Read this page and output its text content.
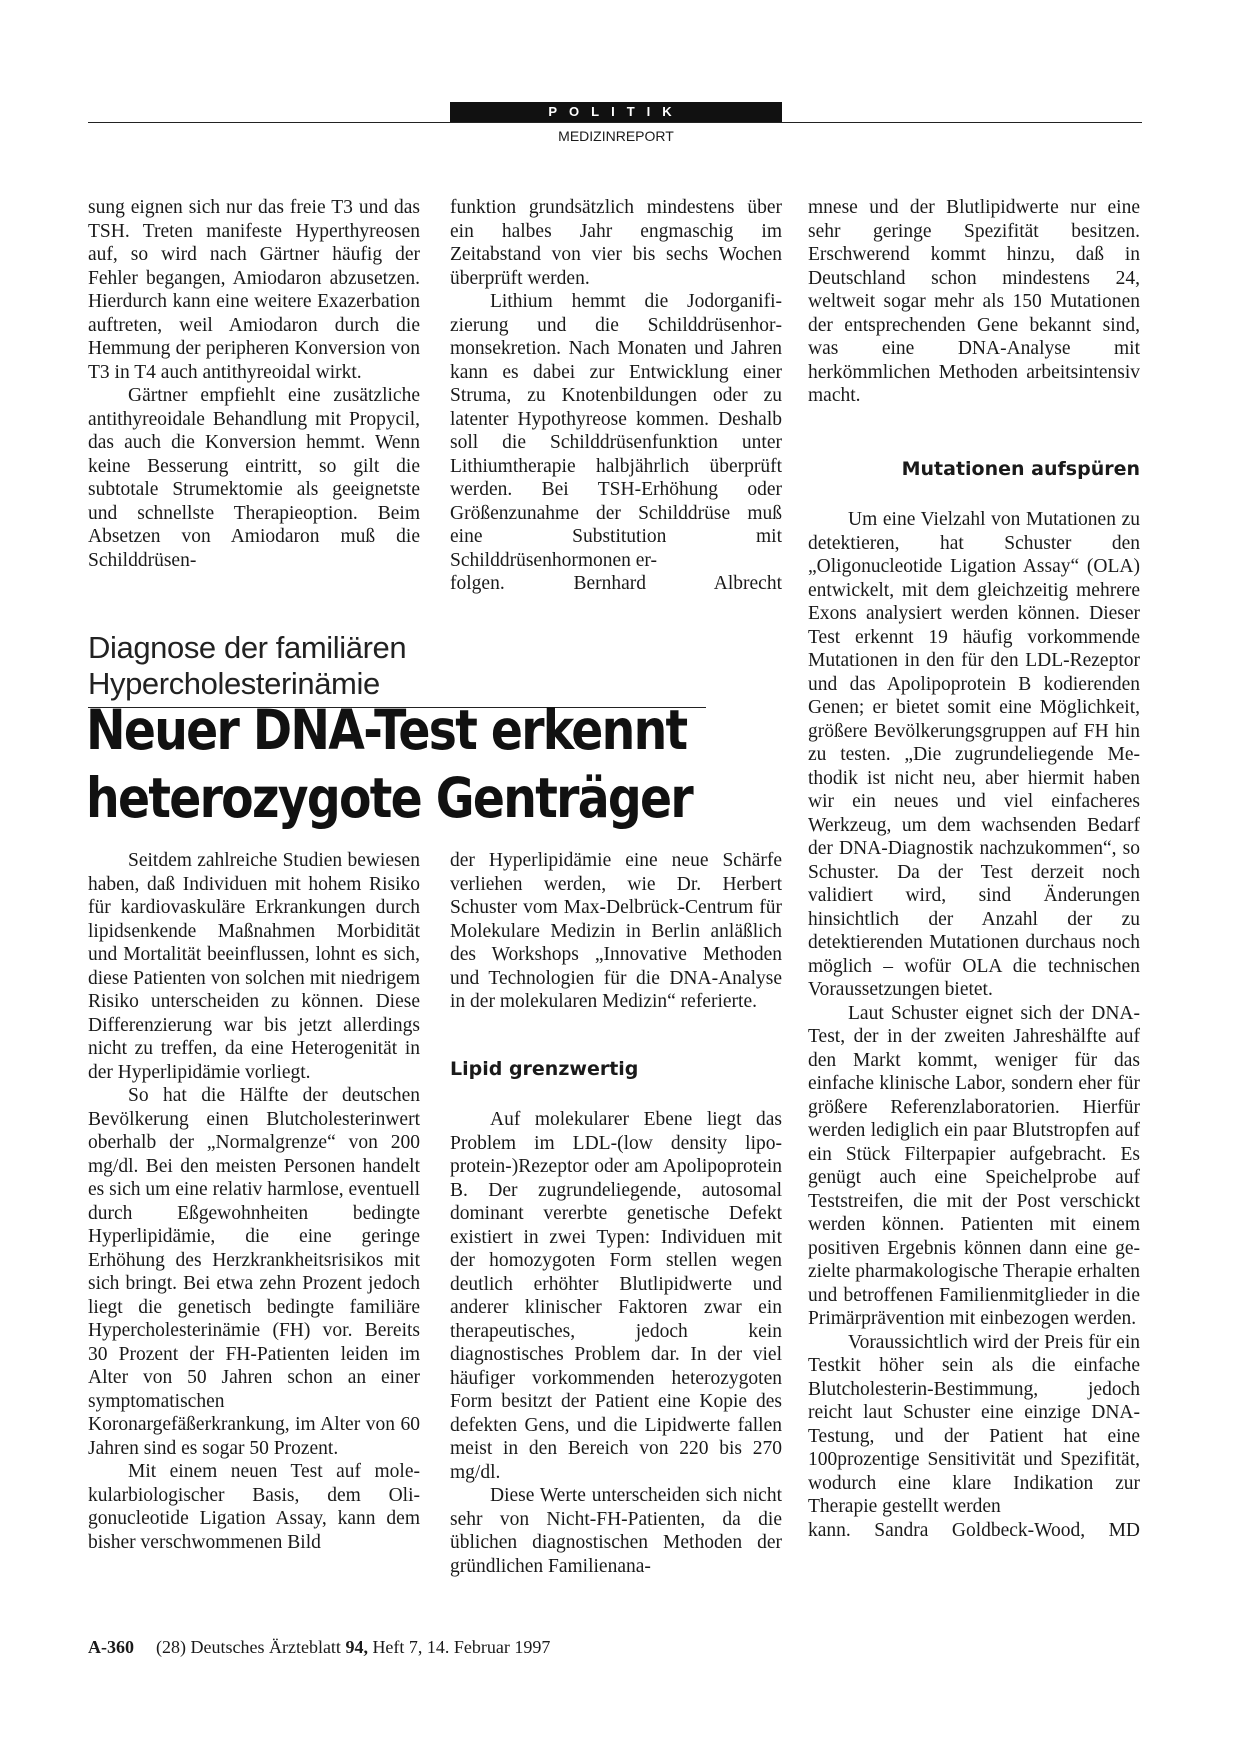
POLITIK
MEDIZINREPORT

sung eignen sich nur das freie T3 und das TSH. Treten manifeste Hyperthyreosen auf, so wird nach Gärtner häufig der Fehler begangen, Amiodaron abzusetzen. Hierdurch kann eine weitere Exazerbation auftreten, weil Amiodaron durch die Hemmung der peripheren Konversion von T3 in T4 auch antithyreoidal wirkt.

Gärtner empfiehlt eine zusätzliche antithyreoidale Behandlung mit Propycil, das auch die Konversion hemmt. Wenn keine Besserung eintritt, so gilt die subtotale Strumektomie als geeignetste und schnellste Therapieoption. Beim Absetzen von Amiodaron muß die Schilddrüsen-

funktion grundsätzlich mindestens über ein halbes Jahr engmaschig im Zeitabstand von vier bis sechs Wochen überprüft werden.

Lithium hemmt die Jodorganifizierung und die Schilddrüsenhormonsekretion. Nach Monaten und Jahren kann es dabei zur Entwicklung einer Struma, zu Knotenbildungen oder zu latenter Hypothyreose kommen. Deshalb soll die Schilddrüsenfunktion unter Lithiumtherapie halbjährlich überprüft werden. Bei TSH-Erhöhung oder Größenzunahme der Schilddrüse muß eine Substitution mit Schilddrüsenhormonen er-

folgen.	Bernhard Albrecht

Diagnose der familiären Hypercholesterinämie
Neuer DNA-Test erkennt
heterozygote Genträger

Seitdem zahlreiche Studien bewiesen haben, daß Individuen mit hohem Risiko für kardiovaskuläre Erkrankungen durch lipidsenkende Maßnahmen Morbidität und Mortalität beeinflussen, lohnt es sich, diese Patienten von solchen mit niedrigem Risiko unterscheiden zu können. Diese Differenzierung war bis jetzt allerdings nicht zu treffen, da eine Heterogenität in der Hyperlipidämie vorliegt.

So hat die Hälfte der deutschen Bevölkerung einen Blutcholesterinwert oberhalb der „Normalgrenze“ von 200 mg/dl. Bei den meisten Personen handelt es sich um eine relativ harmlose, eventuell durch Eßgewohnheiten bedingte Hyperlipidämie, die eine geringe Erhöhung des Herzkrankheitsrisikos mit sich bringt. Bei etwa zehn Prozent jedoch liegt die genetisch bedingte familiäre Hypercholesterinämie (FH) vor. Bereits 30 Prozent der FH-Patienten leiden im Alter von 50 Jahren schon an einer symptomatischen Koronargefäßerkrankung, im Alter von 60 Jahren sind es sogar 50 Prozent.

Mit einem neuen Test auf molekularbiologischer Basis, dem Oligonucleotide Ligation Assay, kann dem bisher verschwommenen Bild

der Hyperlipidämie eine neue Schärfe verliehen werden, wie Dr. Herbert Schuster vom Max-Delbrück-Centrum für Molekulare Medizin in Berlin anläßlich des Workshops „Innovative Methoden und Technologien für die DNA-Analyse in der molekularen Medizin“ referierte.

Lipid grenzwertig

Auf molekularer Ebene liegt das Problem im LDL-(low density lipoprotein-)Rezeptor oder am Apolipoprotein B. Der zugrundeliegende, autosomal dominant vererbte genetische Defekt existiert in zwei Typen: Individuen mit der homozygoten Form stellen wegen deutlich erhöhter Blutlipidwerte und anderer klinischer Faktoren zwar ein therapeutisches, jedoch kein diagnostisches Problem dar. In der viel häufiger vorkommenden heterozygoten Form besitzt der Patient eine Kopie des defekten Gens, und die Lipidwerte fallen meist in den Bereich von 220 bis 270 mg/dl.

Diese Werte unterscheiden sich nicht sehr von Nicht-FH-Patienten, da die üblichen diagnostischen Methoden der gründlichen Familienana-

mnese und der Blutlipidwerte nur eine sehr geringe Spezifität besitzen. Erschwerend kommt hinzu, daß in Deutschland schon mindestens 24, weltweit sogar mehr als 150 Mutationen der entsprechenden Gene bekannt sind, was eine DNA-Analyse mit herkömmlichen Methoden arbeitsintensiv macht.

Mutationen aufspüren

Um eine Vielzahl von Mutationen zu detektieren, hat Schuster den „Oligonucleotide Ligation Assay“ (OLA) entwickelt, mit dem gleichzeitig mehrere Exons analysiert werden können. Dieser Test erkennt 19 häufig vorkommende Mutationen in den für den LDL-Rezeptor und das Apolipoprotein B kodierenden Genen; er bietet somit eine Möglichkeit, größere Bevölkerungsgruppen auf FH hin zu testen. „Die zugrundeliegende Methodik ist nicht neu, aber hiermit haben wir ein neues und viel einfacheres Werkzeug, um dem wachsenden Bedarf der DNA-Diagnostik nachzukommen“, so Schuster. Da der Test derzeit noch validiert wird, sind Änderungen hinsichtlich der Anzahl der zu detektierenden Mutationen durchaus noch möglich – wofür OLA die technischen Voraussetzungen bietet.

Laut Schuster eignet sich der DNA-Test, der in der zweiten Jahreshälfte auf den Markt kommt, weniger für das einfache klinische Labor, sondern eher für größere Referenzlaboratorien. Hierfür werden lediglich ein paar Blutstropfen auf ein Stück Filterpapier aufgebracht. Es genügt auch eine Speichelprobe auf Teststreifen, die mit der Post verschickt werden können. Patienten mit einem positiven Ergebnis können dann eine gezielte pharmakologische Therapie erhalten und betroffenen Familienmitglieder in die Primärprävention mit einbezogen werden.

Voraussichtlich wird der Preis für ein Testkit höher sein als die einfache Blutcholesterin-Bestimmung, jedoch reicht laut Schuster eine einzige DNA-Testung, und der Patient hat eine 100prozentige Sensitivität und Spezifität, wodurch eine klare Indikation zur Therapie gestellt werden

kann. Sandra Goldbeck-Wood, MD

A-360 (28) Deutsches Ärzteblatt 94, Heft 7, 14. Februar 1997
